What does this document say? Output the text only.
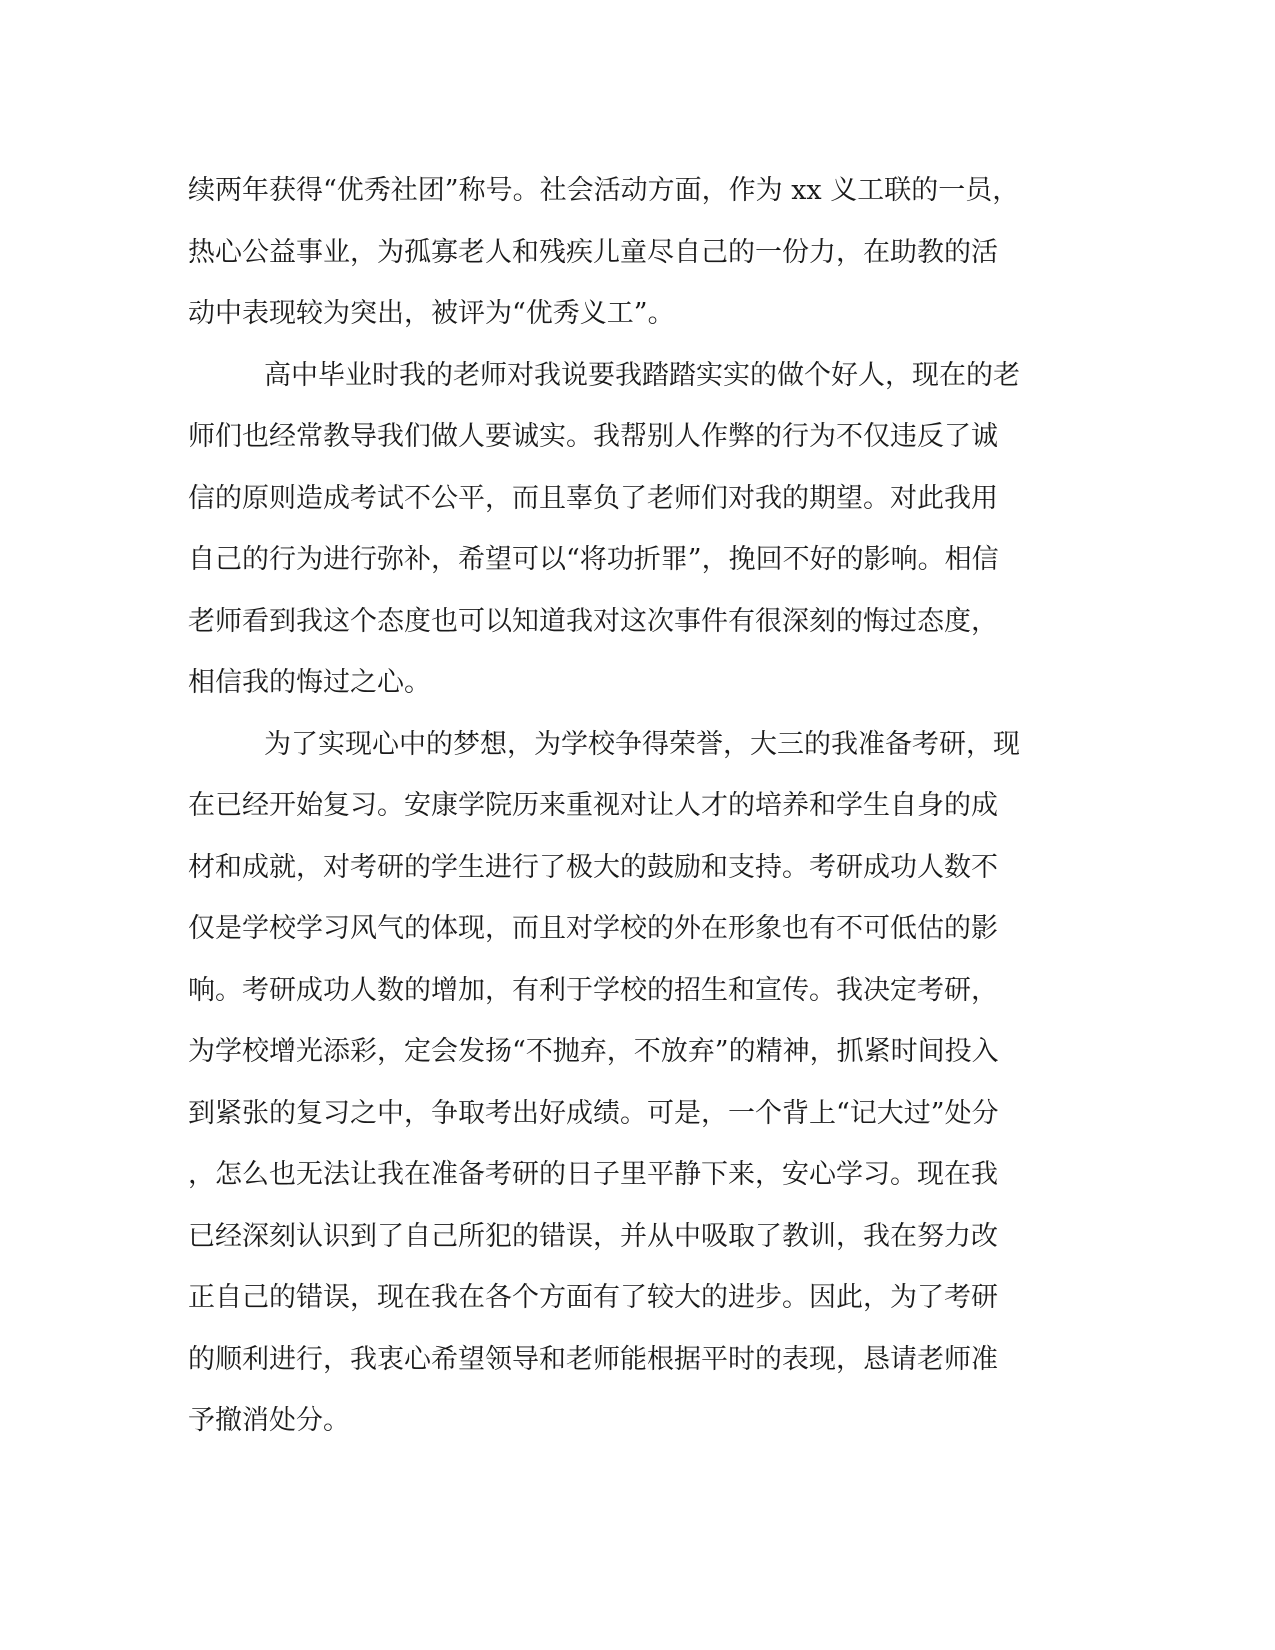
续两年获得“优秀社团”称号。社会活动方面，作为 xx 义工联的一员，
热心公益事业，为孤寡老人和残疾儿童尽自己的一份力，在助教的活
动中表现较为突出，被评为“优秀义工”。
高中毕业时我的老师对我说要我踏踏实实的做个好人，现在的老
师们也经常教导我们做人要诚实。我帮别人作弊的行为不仅违反了诚
信的原则造成考试不公平，而且辜负了老师们对我的期望。对此我用
自己的行为进行弥补，希望可以“将功折罪”，挽回不好的影响。相信
老师看到我这个态度也可以知道我对这次事件有很深刻的悔过态度，
相信我的悔过之心。
为了实现心中的梦想，为学校争得荣誉，大三的我准备考研，现
在已经开始复习。安康学院历来重视对让人才的培养和学生自身的成
材和成就，对考研的学生进行了极大的鼓励和支持。考研成功人数不
仅是学校学习风气的体现，而且对学校的外在形象也有不可低估的影
响。考研成功人数的增加，有利于学校的招生和宣传。我决定考研，
为学校增光添彩，定会发扬“不抛弃，不放弃”的精神，抓紧时间投入
到紧张的复习之中，争取考出好成绩。可是，一个背上“记大过”处分
，怎么也无法让我在准备考研的日子里平静下来，安心学习。现在我
已经深刻认识到了自己所犯的错误，并从中吸取了教训，我在努力改
正自己的错误，现在我在各个方面有了较大的进步。因此，为了考研
的顺利进行，我衷心希望领导和老师能根据平时的表现，恳请老师准
予撤消处分。
